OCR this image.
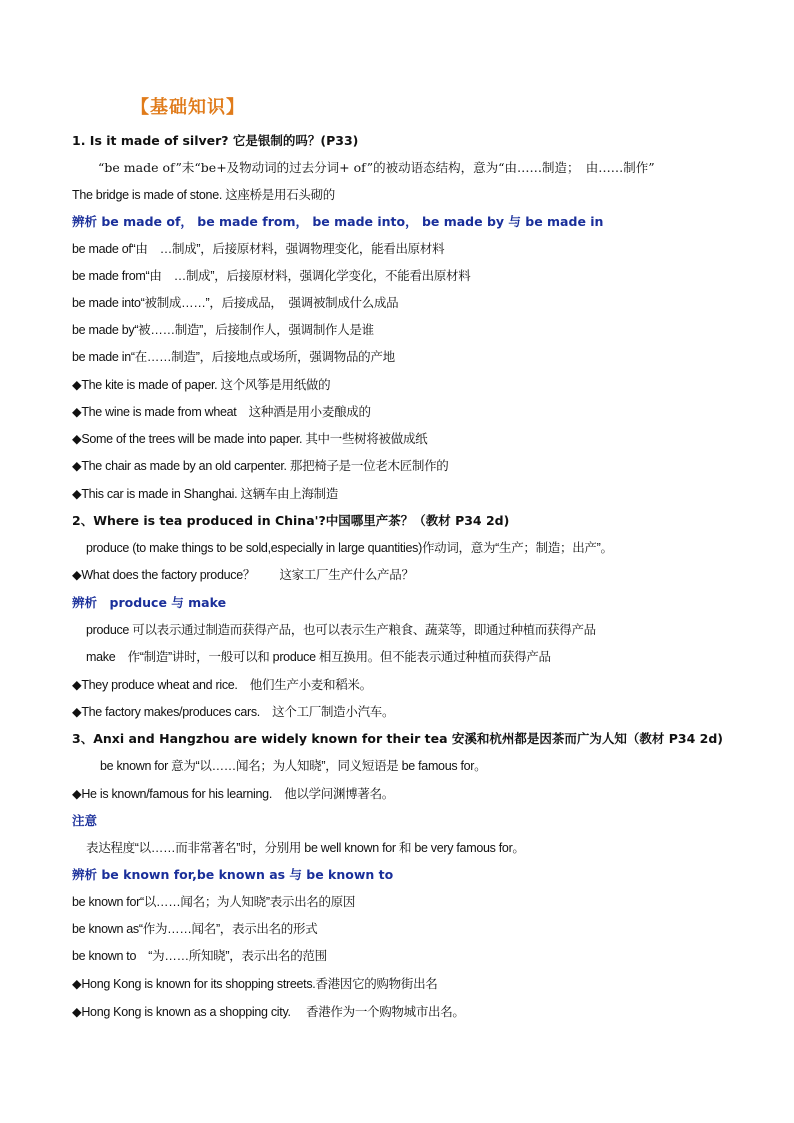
【基础知识】
1. Is it made of silver? 它是银制的吗？(P33)
“be made of”未“be+及物动词的过去分词+ of”的被动语态结构，意为“由……制造；　由……制作”
The bridge is made of stone. 这座桥是用石头砌的
辨析 be made of， be made from， be made into， be made by 与 be made in
be made of“由　…制成”，后接原材料，强调物理变化，能看出原材料
be made from“由　…制成”，后接原材料，强调化学变化，不能看出原材料
be made into“被制成……”，后接成品，　强调被制成什么成品
be made by“被……制造”，后接制作人，强调制作人是谁
be made in“在……制造”，后接地点或场所，强调物品的产地
◆The kite is made of paper. 这个风筝是用纸做的
◆The wine is made from wheat　这种酒是用小麦酿成的
◆Some of the trees will be made into paper. 其中一些树将被做成纸
◆The chair as made by an old carpenter. 那把椅子是一位老木匠制作的
◆This car is made in Shanghai. 这辆车由上海制造
2、Where is tea produced in China'?中国哪里产茶？（教材 P34 2d)
produce (to make things to be sold,especially in large quantities)作动词，意为“生产；制造；出产”。
◆What does the factory produce？　　这家工厂生产什么产品？
辨析　produce 与 make
produce 可以表示通过制造而获得产品，也可以表示生产粮食、蔬菜等，即通过种植而获得产品
make　作“制造”讲时，一般可以和 produce 相互换用。但不能表示通过种植而获得产品
◆They produce wheat and rice.　他们生产小麦和稻米。
◆The factory makes/produces cars.　这个工厂制造小汽车。
3、Anxi and Hangzhou are widely known for their tea 安溪和杭州都是因茶而广为人知（教材 P34 2d)
be known for 意为“以……闻名；为人知晓”，同义短语是 be famous for。
◆He is known/famous for his learning.　他以学问渊博著名。
注意
表达程度“以……而非常著名”时，分别用 be well known for 和 be very famous for。
辨析 be known for,be known as 与 be known to
be known for“以……闻名；为人知晓”表示出名的原因
be known as“作为……闻名”，表示出名的形式
be known to　“为……所知晓”，表示出名的范围
◆Hong Kong is known for its shopping streets.香港因它的购物街出名
◆Hong Kong is known as a shopping city.　 香港作为一个购物城市出名。
